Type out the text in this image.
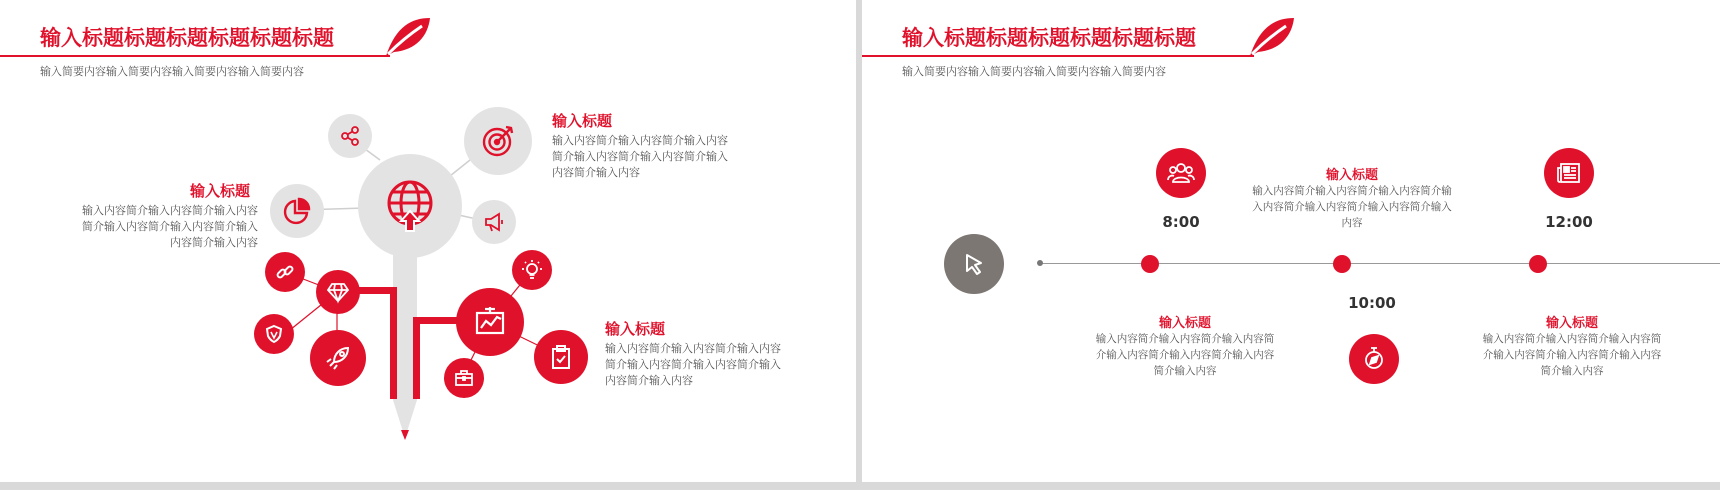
输入标题标题标题标题标题标题
输入简要内容输入简要内容输入简要内容输入简要内容
输入标题
输入内容简介输入内容简介输入内容简介输入内容简介输入内容简介输入内容简介输入内容
输入标题
输入内容简介输入内容简介输入内容简介输入内容简介输入内容简介输入内容简介输入内容
输入标题
输入内容简介输入内容简介输入内容简介输入内容简介输入内容简介输入内容简介输入内容
输入标题标题标题标题标题标题
输入简要内容输入简要内容输入简要内容输入简要内容
8:00
10:00
12:00
输入标题
输入内容简介输入内容简介输入内容简介输入内容简介输入内容简介输入内容简介输入内容
输入标题
输入内容简介输入内容简介输入内容简介输入内容简介输入内容简介输入内容简介输入内容
输入标题
输入内容简介输入内容简介输入内容简介输入内容简介输入内容简介输入内容简介输入内容
